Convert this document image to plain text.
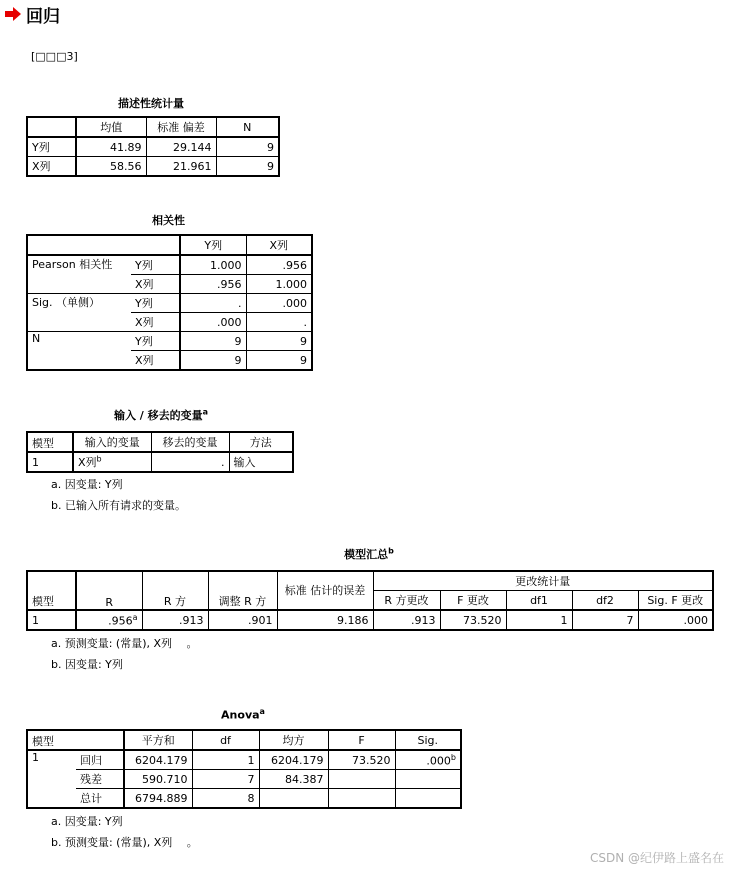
回归
[□□□3]
描述性统计量
	均值	标准 偏差	N
Y列	41.89	29.144	9
X列	58.56	21.961	9
相关性
		Y列	X列
Pearson 相关性	Y列	1.000	.956
	X列	.956	1.000
Sig. （单侧）	Y列	.	.000
	X列	.000	.
N	Y列	9	9
	X列	9	9
输入 / 移去的变量$^a$
模型	输入的变量	移去的变量	方法
1	X列$^b$	.	输入
a. 因变量: Y列
b. 已输入所有请求的变量。
模型汇总$^b$
模型	R	R 方	调整 R 方	标准 估计的误差	更改统计量				
					R 方更改	F 更改	df1	df2	Sig. F 更改
1	.956$^a$	.913	.901	9.186	.913	73.520	1	7	.000
a. 预测变量: (常量), X列　 。
b. 因变量: Y列
Anova$^a$
模型		平方和	df	均方	F	Sig.
1	回归	6204.179	1	6204.179	73.520	.000$^b$
	残差	590.710	7	84.387		
	总计	6794.889	8			
a. 因变量: Y列
b. 预测变量: (常量), X列　 。
CSDN @纪伊路上盛名在
